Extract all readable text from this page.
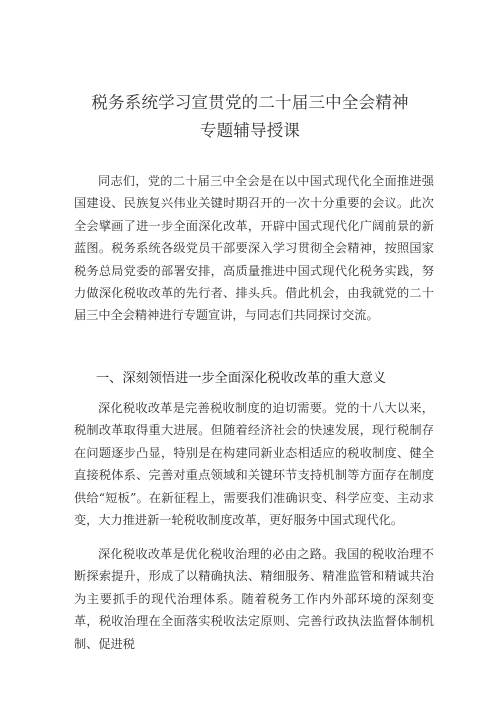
税务系统学习宣贯党的二十届三中全会精神
专题辅导授课

同志们，党的二十届三中全会是在以中国式现代化全面推进强国建设、民族复兴伟业关键时期召开的一次十分重要的会议。此次全会擘画了进一步全面深化改革，开辟中国式现代化广阔前景的新蓝图。税务系统各级党员干部要深入学习贯彻全会精神，按照国家税务总局党委的部署安排，高质量推进中国式现代化税务实践，努力做深化税收改革的先行者、排头兵。借此机会，由我就党的二十届三中全会精神进行专题宣讲，与同志们共同探讨交流。

一、深刻领悟进一步全面深化税收改革的重大意义

深化税收改革是完善税收制度的迫切需要。党的十八大以来，税制改革取得重大进展。但随着经济社会的快速发展，现行税制存在问题逐步凸显，特别是在构建同新业态相适应的税收制度、健全直接税体系、完善对重点领域和关键环节支持机制等方面存在制度供给“短板”。在新征程上，需要我们准确识变、科学应变、主动求变，大力推进新一轮税收制度改革，更好服务中国式现代化。

深化税收改革是优化税收治理的必由之路。我国的税收治理不断探索提升，形成了以精确执法、精细服务、精准监管和精诚共治为主要抓手的现代治理体系。随着税务工作内外部环境的深刻变革，税收治理在全面落实税收法定原则、完善行政执法监督体制机制、促进税
